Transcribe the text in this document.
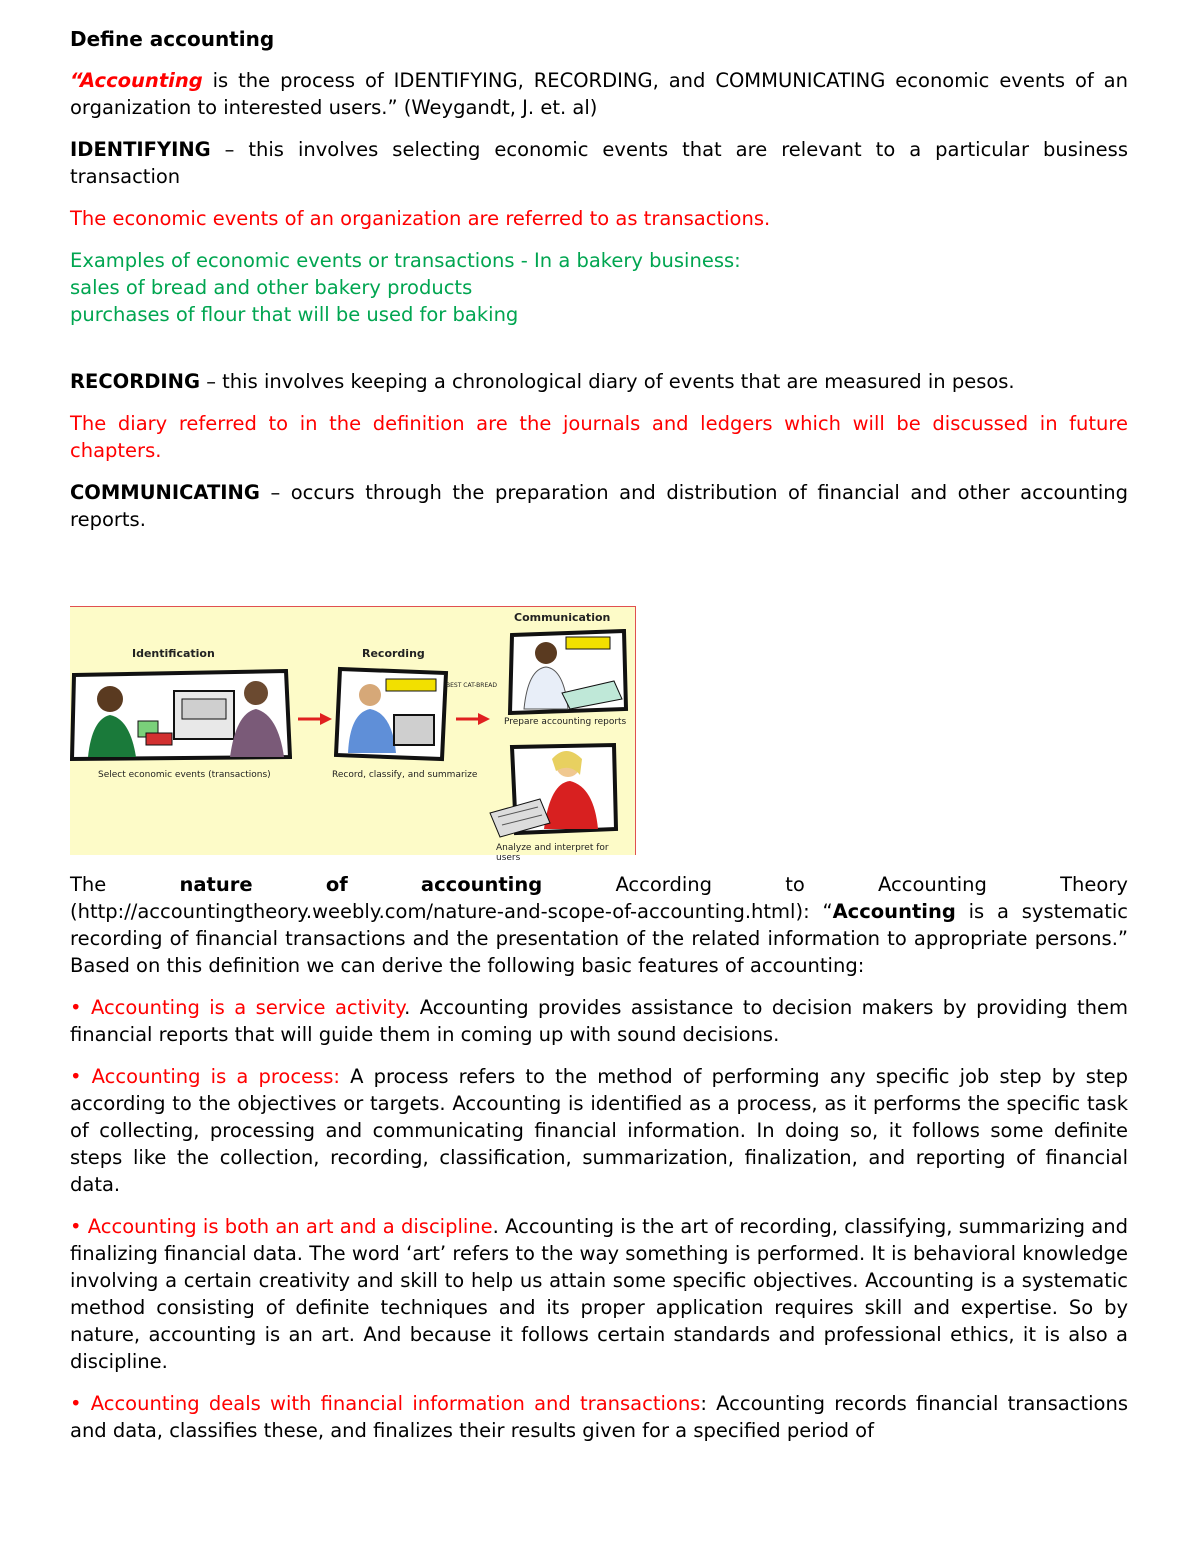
Define accounting

“Accounting is the process of IDENTIFYING, RECORDING, and COMMUNICATING economic events of an organization to interested users.” (Weygandt, J. et. al)

IDENTIFYING – this involves selecting economic events that are relevant to a particular business transaction

The economic events of an organization are referred to as transactions.

Examples of economic events or transactions - In a bakery business:
sales of bread and other bakery products
purchases of flour that will be used for baking

RECORDING – this involves keeping a chronological diary of events that are measured in pesos.

The diary referred to in the definition are the journals and ledgers which will be discussed in future chapters.

COMMUNICATING – occurs through the preparation and distribution of financial and other accounting reports.

Identification	Recording
Communication
Select economic events (transactions)
BEST CAT-BREAD
Record, classify, and summarize
Prepare accounting reports
Analyze and interpret for users
The	nature	of	accounting	According	to	Accounting	Theory
(http://accountingtheory.weebly.com/nature-and-scope-of-accounting.html): “Accounting is a systematic recording of financial transactions and the presentation of the related information to appropriate persons.” Based on this definition we can derive the following basic features of accounting:

• Accounting is a service activity. Accounting provides assistance to decision makers by providing them financial reports that will guide them in coming up with sound decisions.

• Accounting is a process: A process refers to the method of performing any specific job step by step according to the objectives or targets. Accounting is identified as a process, as it performs the specific task of collecting, processing and communicating financial information. In doing so, it follows some definite steps like the collection, recording, classification, summarization, finalization, and reporting of financial data.

• Accounting is both an art and a discipline. Accounting is the art of recording, classifying, summarizing and finalizing financial data. The word ‘art’ refers to the way something is performed. It is behavioral knowledge involving a certain creativity and skill to help us attain some specific objectives. Accounting is a systematic method consisting of definite techniques and its proper application requires skill and expertise. So by nature, accounting is an art. And because it follows certain standards and professional ethics, it is also a discipline.

• Accounting deals with financial information and transactions: Accounting records financial transactions and data, classifies these, and finalizes their results given for a specified period of
